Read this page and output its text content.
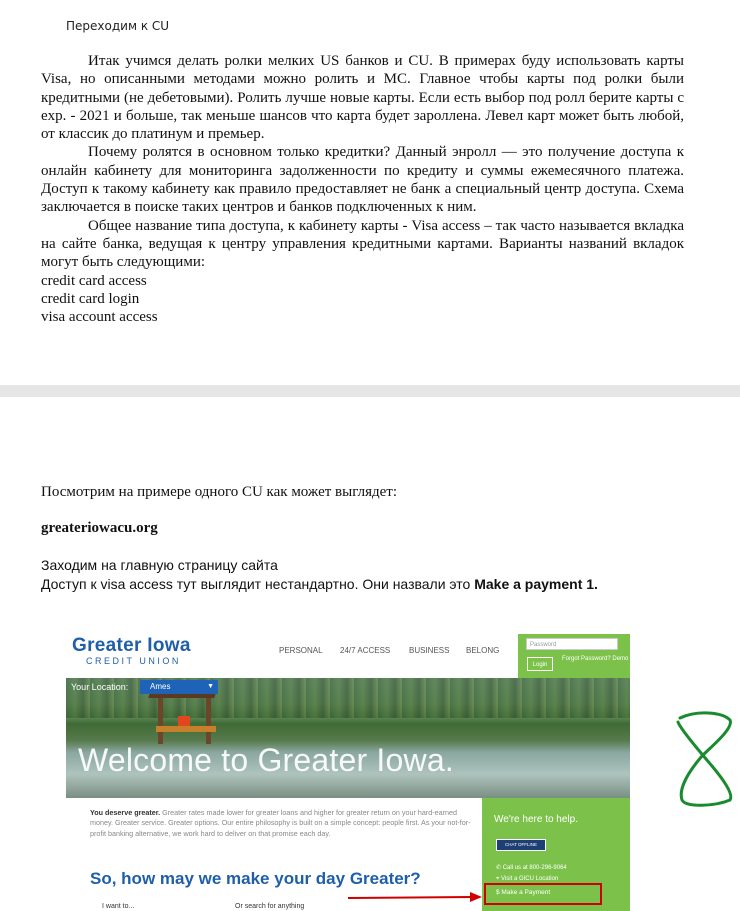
Переходим к CU

Итак учимся делать ролки мелких US банков и CU. В примерах буду использовать карты Visa, но описанными методами можно ролить и MC. Главное чтобы карты под ролки были кредитными (не дебетовыми). Ролить лучше новые карты. Если есть выбор под ролл берите карты с exp. - 2021 и больше, так меньше шансов что карта будет зароллена. Левел карт может быть любой, от классик до платинум и премьер.

Почему ролятся в основном только кредитки? Данный энролл — это получение доступа к онлайн кабинету для мониторинга задолженности по кредиту и суммы ежемесячного платежа. Доступ к такому кабинету как правило предоставляет не банк а специальный центр доступа. Схема заключается в поиске таких центров и банков подключенных к ним.

Общее название типа доступа, к кабинету карты - Visa access – так часто называется вкладка на сайте банка, ведущая к центру управления кредитными картами. Варианты названий вкладок могут быть следующими:

credit card access
credit card login
visa account access
Посмотрим на примере одного CU как может выглядет:
greateriowacu.org
Заходим на главную страницу сайта
Доступ к visa access тут выглядит нестандартно. Они назвали это Make a payment 1.
Greater Iowa
CREDIT UNION
PERSONAL 24/7 ACCESS BUSINESS BELONG
Password
Login
Forgot Password? Demo
Your Location:	Ames	▼
Welcome to Greater Iowa.
You deserve greater. Greater rates made lower for greater loans and higher for greater return on your hard-earned money. Greater service. Greater options. Our entire philosophy is built on a simple concept: people first. As your not-for-profit banking alternative, we work hard to deliver on that promise each day.
So, how may we make your day Greater?
I want to...	Or search for anything
We're here to help.
CHAT OFFLINE
✆ Call us at 800-296-9064
⌖ Visit a GICU Location
$ Make a Payment
